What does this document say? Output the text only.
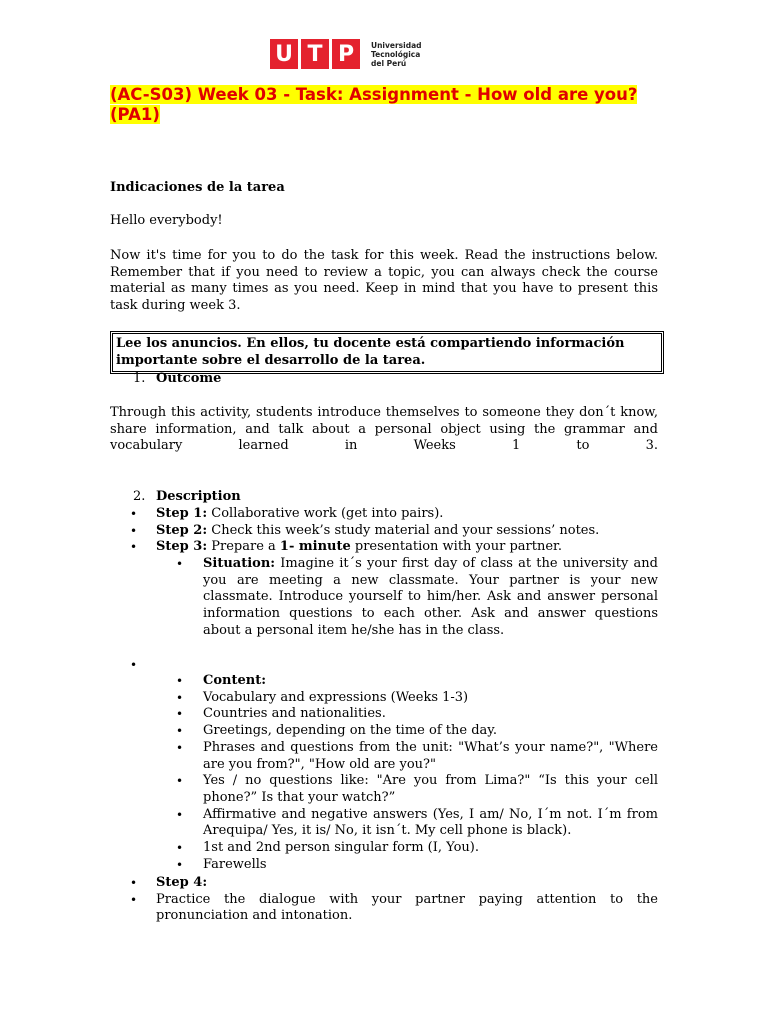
U T P	Universidad
Tecnológica
del Perú
(AC-S03) Week 03 - Task: Assignment - How old are you? (PA1)

Indicaciones de la tarea

Hello everybody!

Now it's time for you to do the task for this week. Read the instructions below. Remember that if you need to review a topic, you can always check the course material as many times as you need. Keep in mind that you have to present this task during week 3.

Lee los anuncios. En ellos, tu docente está compartiendo información importante sobre el desarrollo de la tarea.
1. Outcome

Through this activity, students introduce themselves to someone they don´t know, share information, and talk about a personal object using the grammar and vocabulary learned in Weeks 1 to 3.

2. Description
• Step 1: Collaborative work (get into pairs).
• Step 2: Check this week’s study material and your sessions’ notes.
• Step 3: Prepare a 1- minute presentation with your partner.
• Situation: Imagine it´s your first day of class at the university and you are meeting a new classmate. Your partner is your new classmate. Introduce yourself to him/her. Ask and answer personal information questions to each other. Ask and answer questions about a personal item he/she has in the class.
•
• Content:
• Vocabulary and expressions (Weeks 1-3)
• Countries and nationalities.
• Greetings, depending on the time of the day.
• Phrases and questions from the unit: "What’s your name?", "Where are you from?", "How old are you?"
• Yes / no questions like: "Are you from Lima?" “Is this your cell phone?” Is that your watch?”
• Affirmative and negative answers (Yes, I am/ No, I´m not. I´m from Arequipa/ Yes, it is/ No, it isn´t. My cell phone is black).
• 1st and 2nd person singular form (I, You).
• Farewells
• Step 4:
• Practice the dialogue with your partner paying attention to the pronunciation and intonation.
